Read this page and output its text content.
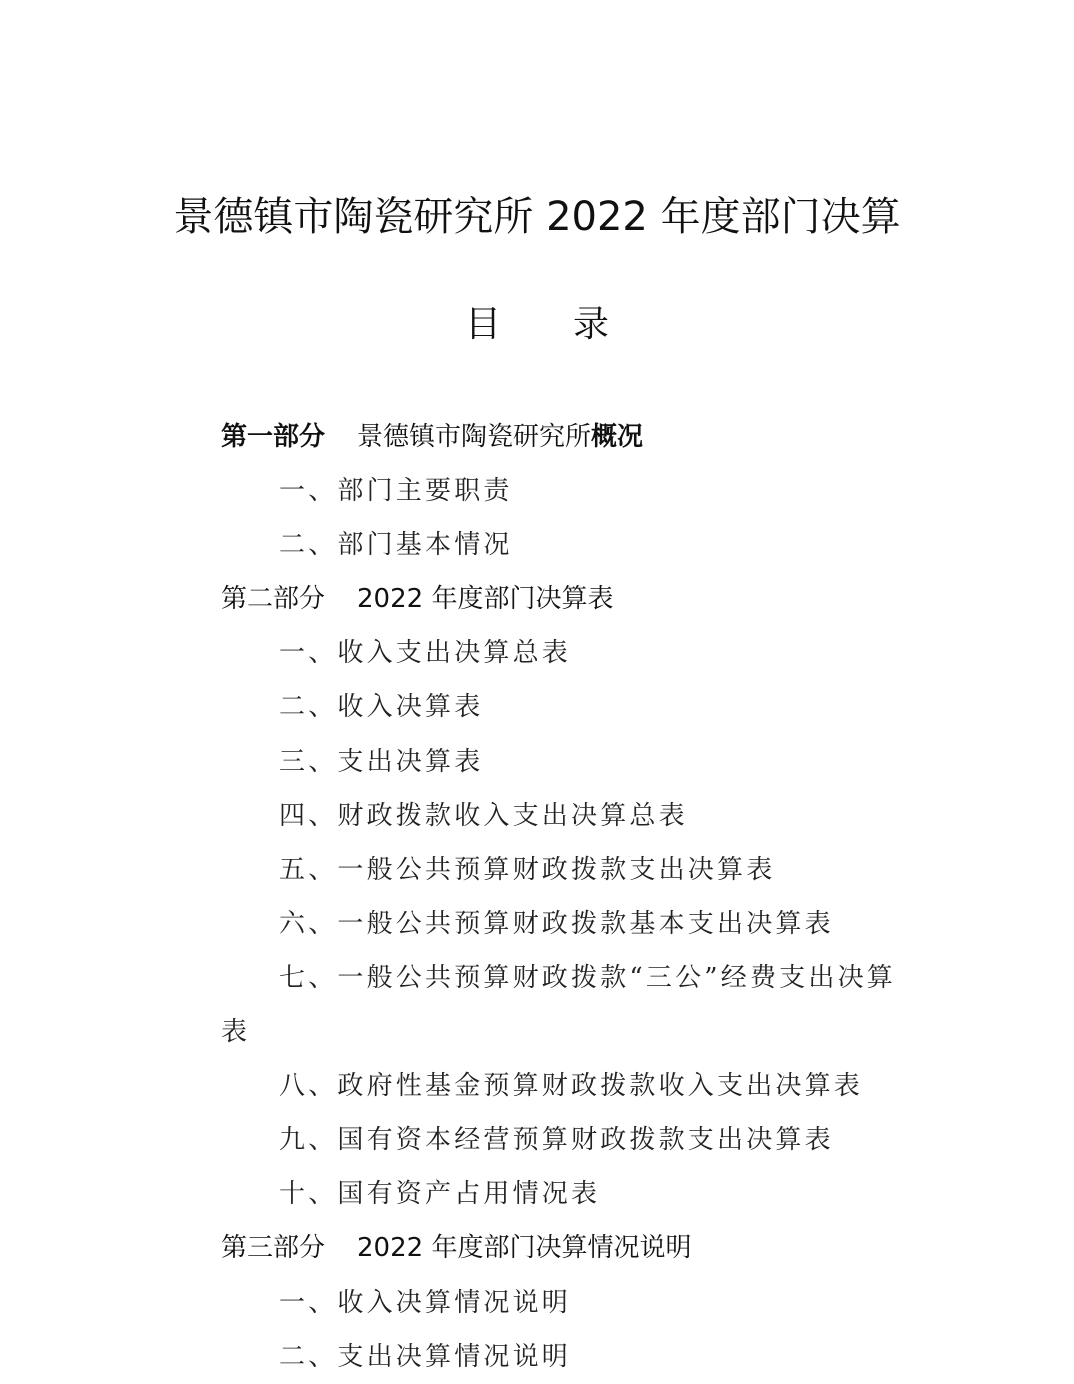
景德镇市陶瓷研究所 2022 年度部门决算
目 录
第一部分 景德镇市陶瓷研究所概况
一、部门主要职责
二、部门基本情况
第二部分 2022 年度部门决算表
一、收入支出决算总表
二、收入决算表
三、支出决算表
四、财政拨款收入支出决算总表
五、一般公共预算财政拨款支出决算表
六、一般公共预算财政拨款基本支出决算表
七、一般公共预算财政拨款“三公”经费支出决算
表
八、政府性基金预算财政拨款收入支出决算表
九、国有资本经营预算财政拨款支出决算表
十、国有资产占用情况表
第三部分 2022 年度部门决算情况说明
一、收入决算情况说明
二、支出决算情况说明
